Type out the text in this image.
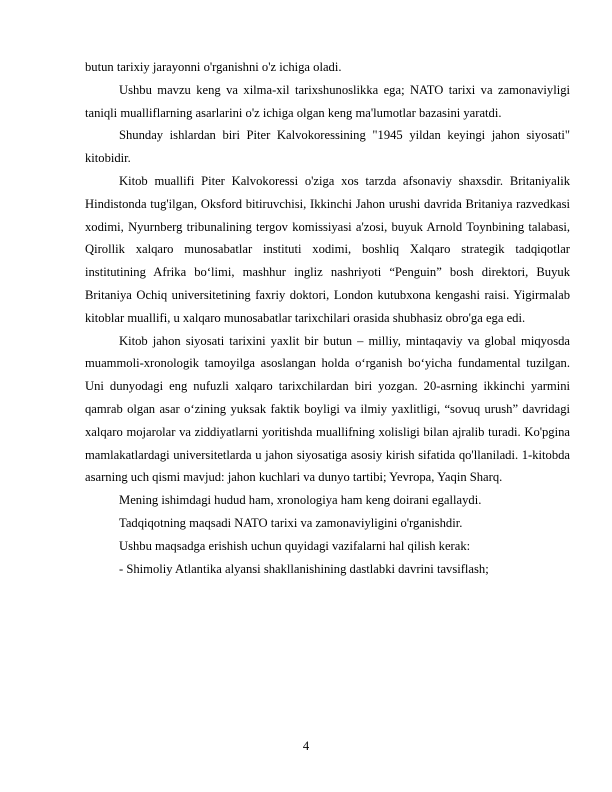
butun tarixiy jarayonni o'rganishni o'z ichiga oladi.

Ushbu mavzu keng va xilma-xil tarixshunoslikka ega; NATO tarixi va zamonaviyligi taniqli mualliflarning asarlarini o'z ichiga olgan keng ma'lumotlar bazasini yaratdi.

Shunday ishlardan biri Piter Kalvokoressining "1945 yildan keyingi jahon siyosati" kitobidir.

Kitob muallifi Piter Kalvokoressi o'ziga xos tarzda afsonaviy shaxsdir. Britaniyalik Hindistonda tug'ilgan, Oksford bitiruvchisi, Ikkinchi Jahon urushi davrida Britaniya razvedkasi xodimi, Nyurnberg tribunalining tergov komissiyasi a'zosi, buyuk Arnold Toynbining talabasi, Qirollik xalqaro munosabatlar instituti xodimi, boshliq Xalqaro strategik tadqiqotlar institutining Afrika bo‘limi, mashhur ingliz nashriyoti “Penguin” bosh direktori, Buyuk Britaniya Ochiq universitetining faxriy doktori, London kutubxona kengashi raisi. Yigirmalab kitoblar muallifi, u xalqaro munosabatlar tarixchilari orasida shubhasiz obro'ga ega edi.

Kitob jahon siyosati tarixini yaxlit bir butun – milliy, mintaqaviy va global miqyosda muammoli-xronologik tamoyilga asoslangan holda o‘rganish bo‘yicha fundamental tuzilgan. Uni dunyodagi eng nufuzli xalqaro tarixchilardan biri yozgan. 20-asrning ikkinchi yarmini qamrab olgan asar o‘zining yuksak faktik boyligi va ilmiy yaxlitligi, “sovuq urush” davridagi xalqaro mojarolar va ziddiyatlarni yoritishda muallifning xolisligi bilan ajralib turadi. Ko'pgina mamlakatlardagi universitetlarda u jahon siyosatiga asosiy kirish sifatida qo'llaniladi. 1-kitobda asarning uch qismi mavjud: jahon kuchlari va dunyo tartibi; Yevropa, Yaqin Sharq.

Mening ishimdagi hudud ham, xronologiya ham keng doirani egallaydi.

Tadqiqotning maqsadi NATO tarixi va zamonaviyligini o'rganishdir.

Ushbu maqsadga erishish uchun quyidagi vazifalarni hal qilish kerak:

- Shimoliy Atlantika alyansi shakllanishining dastlabki davrini tavsiflash;

4
